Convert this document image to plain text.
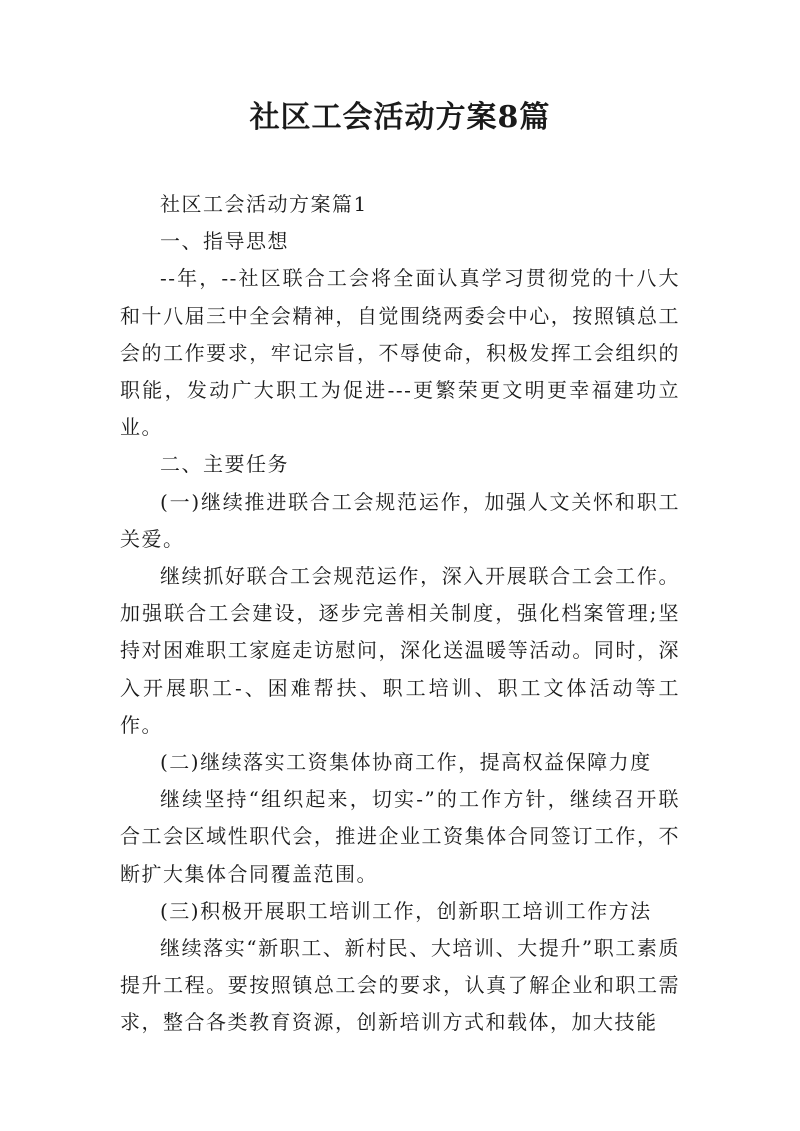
社区工会活动方案8篇

社区工会活动方案篇1

一、指导思想

--年，--社区联合工会将全面认真学习贯彻党的十八大和十八届三中全会精神，自觉围绕两委会中心，按照镇总工会的工作要求，牢记宗旨，不辱使命，积极发挥工会组织的职能，发动广大职工为促进---更繁荣更文明更幸福建功立业。

二、主要任务

(一)继续推进联合工会规范运作，加强人文关怀和职工关爱。

继续抓好联合工会规范运作，深入开展联合工会工作。加强联合工会建设，逐步完善相关制度，强化档案管理;坚持对困难职工家庭走访慰问，深化送温暖等活动。同时，深入开展职工-、困难帮扶、职工培训、职工文体活动等工作。

(二)继续落实工资集体协商工作，提高权益保障力度

继续坚持“组织起来，切实-”的工作方针，继续召开联合工会区域性职代会，推进企业工资集体合同签订工作，不断扩大集体合同覆盖范围。

(三)积极开展职工培训工作，创新职工培训工作方法

继续落实“新职工、新村民、大培训、大提升”职工素质提升工程。要按照镇总工会的要求，认真了解企业和职工需求，整合各类教育资源，创新培训方式和载体，加大技能
